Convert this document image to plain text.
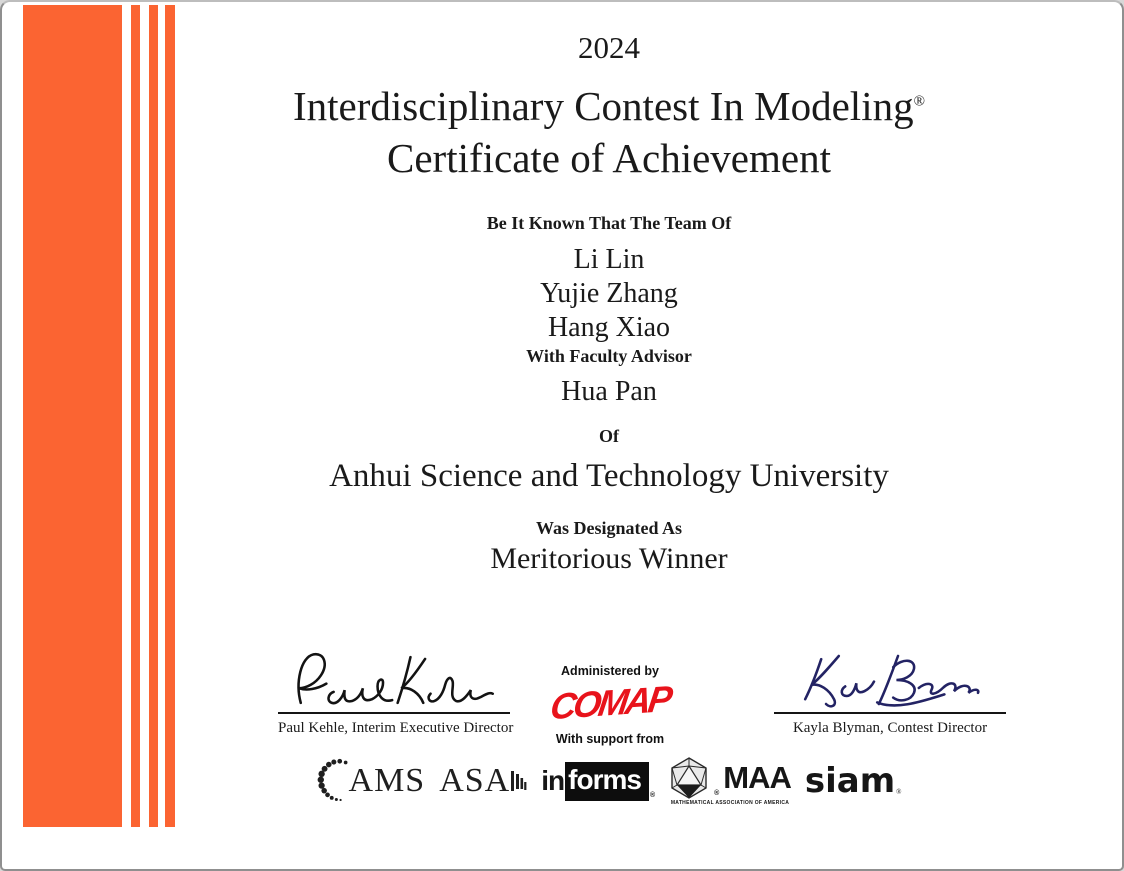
2024
Interdisciplinary Contest In Modeling®
Certificate of Achievement
Be It Known That The Team Of
Li Lin
Yujie Zhang
Hang Xiao
With Faculty Advisor
Hua Pan
Of
Anhui Science and Technology University
Was Designated As
Meritorious Winner
Paul Kehle, Interim Executive Director
Administered by
COMAP
With support from
Kayla Blyman, Contest Director
AMS ASA in forms
®	® MAA
MATHEMATICAL ASSOCIATION OF AMERICA
siam ®
